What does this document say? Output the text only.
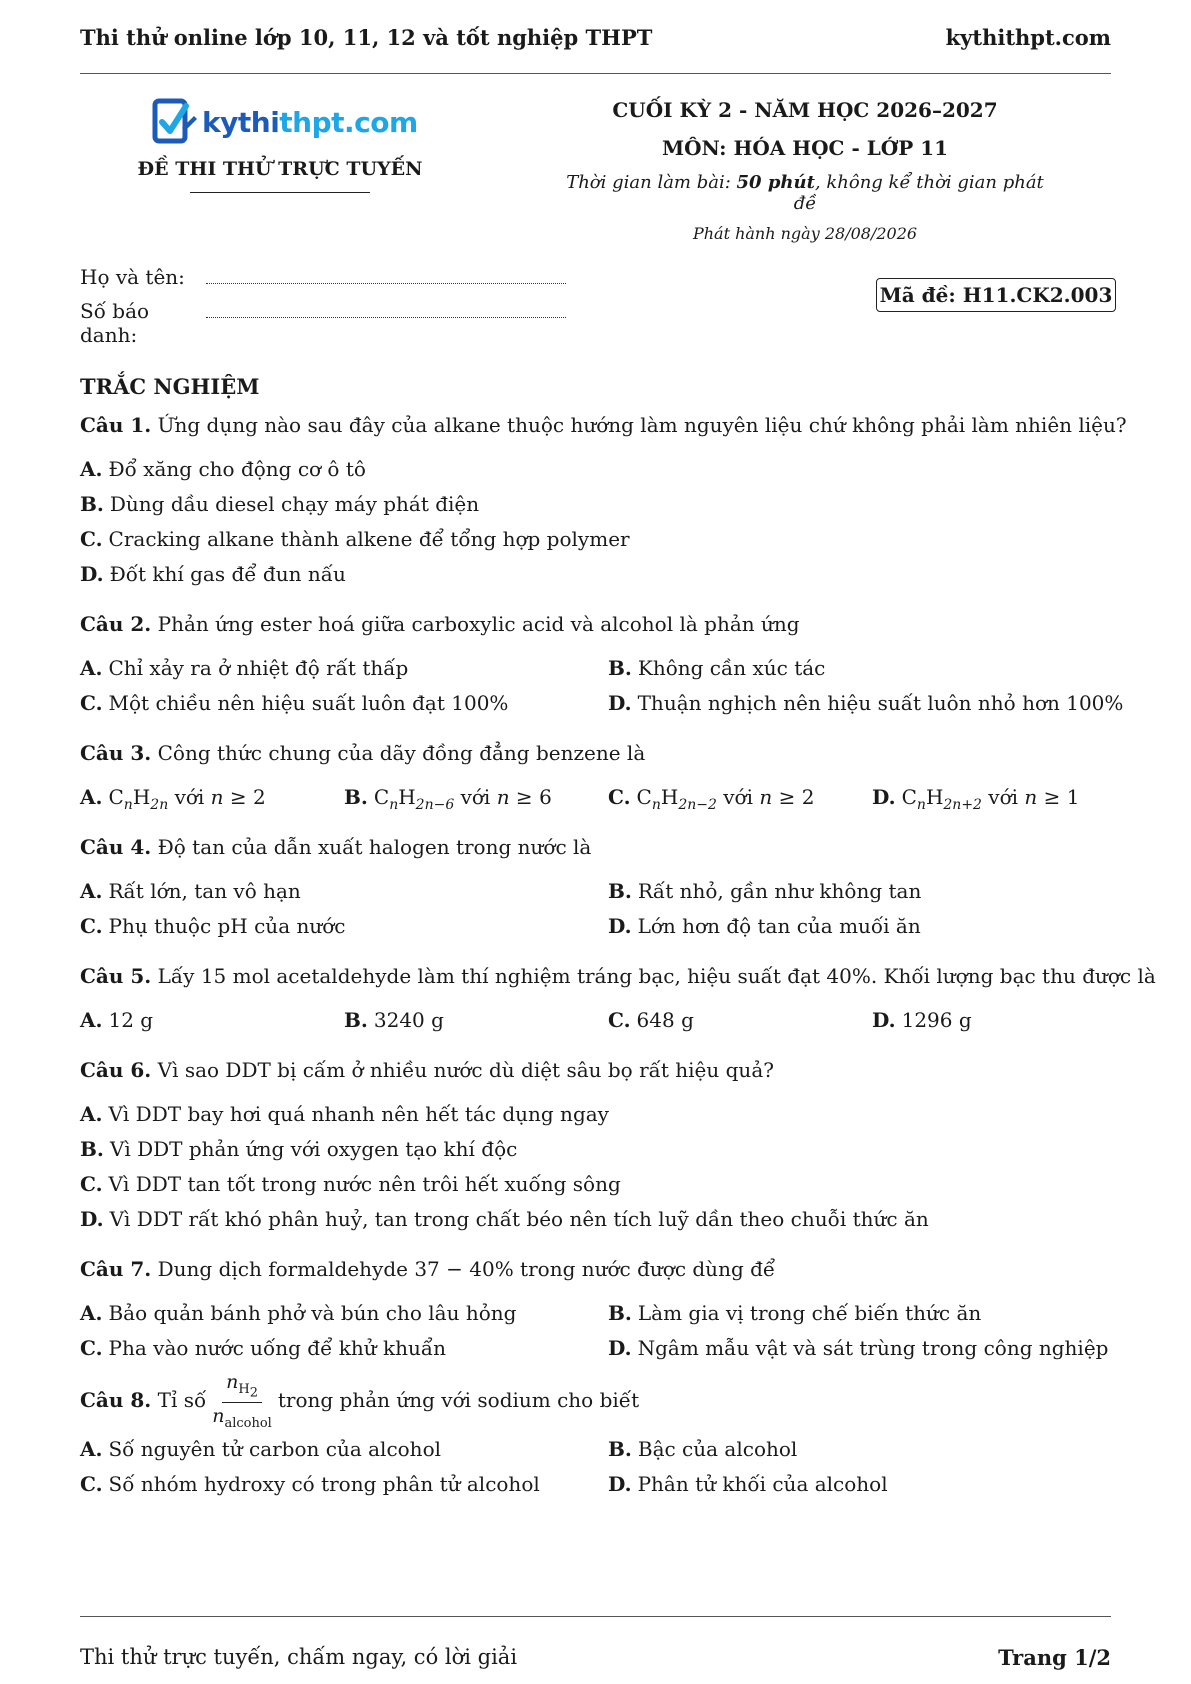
Thi thử online lớp 10, 11, 12 và tốt nghiệp THPT	kythithpt.com
kythithpt.com
ĐỀ THI THỬ TRỰC TUYẾN
CUỐI KỲ 2 - NĂM HỌC 2026–2027
MÔN: HÓA HỌC - LỚP 11
Thời gian làm bài: 50 phút, không kể thời gian phát đề
Phát hành ngày 28/08/2026
Họ và tên:
Số báo danh:
Mã đề: H11.CK2.003
TRẮC NGHIỆM
Câu 1. Ứng dụng nào sau đây của alkane thuộc hướng làm nguyên liệu chứ không phải làm nhiên liệu?
A. Đổ xăng cho động cơ ô tô
B. Dùng dầu diesel chạy máy phát điện
C. Cracking alkane thành alkene để tổng hợp polymer
D. Đốt khí gas để đun nấu
Câu 2. Phản ứng ester hoá giữa carboxylic acid và alcohol là phản ứng
A. Chỉ xảy ra ở nhiệt độ rất thấp	B. Không cần xúc tác
C. Một chiều nên hiệu suất luôn đạt 100%	D. Thuận nghịch nên hiệu suất luôn nhỏ hơn 100%
Câu 3. Công thức chung của dãy đồng đẳng benzene là
A. $C_nH_{2n}$ với n ≥ 2	B. $C_nH_{2n-6}$ với n ≥ 6	C. $C_nH_{2n-2}$ với n ≥ 2	D. $C_nH_{2n+2}$ với n ≥ 1
Câu 4. Độ tan của dẫn xuất halogen trong nước là
A. Rất lớn, tan vô hạn	B. Rất nhỏ, gần như không tan
C. Phụ thuộc pH của nước	D. Lớn hơn độ tan của muối ăn
Câu 5. Lấy 15 mol acetaldehyde làm thí nghiệm tráng bạc, hiệu suất đạt 40%. Khối lượng bạc thu được là
A. 12 g	B. 3240 g	C. 648 g	D. 1296 g
Câu 6. Vì sao DDT bị cấm ở nhiều nước dù diệt sâu bọ rất hiệu quả?
A. Vì DDT bay hơi quá nhanh nên hết tác dụng ngay
B. Vì DDT phản ứng với oxygen tạo khí độc
C. Vì DDT tan tốt trong nước nên trôi hết xuống sông
D. Vì DDT rất khó phân huỷ, tan trong chất béo nên tích luỹ dần theo chuỗi thức ăn
Câu 7. Dung dịch formaldehyde 37 − 40% trong nước được dùng để
A. Bảo quản bánh phở và bún cho lâu hỏng	B. Làm gia vị trong chế biến thức ăn
C. Pha vào nước uống để khử khuẩn	D. Ngâm mẫu vật và sát trùng trong công nghiệp
Câu 8. Tỉ số $\frac{n_{H_2}}{n_{alcohol}}$ trong phản ứng với sodium cho biết
A. Số nguyên tử carbon của alcohol	B. Bậc của alcohol
C. Số nhóm hydroxy có trong phân tử alcohol	D. Phân tử khối của alcohol
Thi thử trực tuyến, chấm ngay, có lời giải	Trang 1/2
